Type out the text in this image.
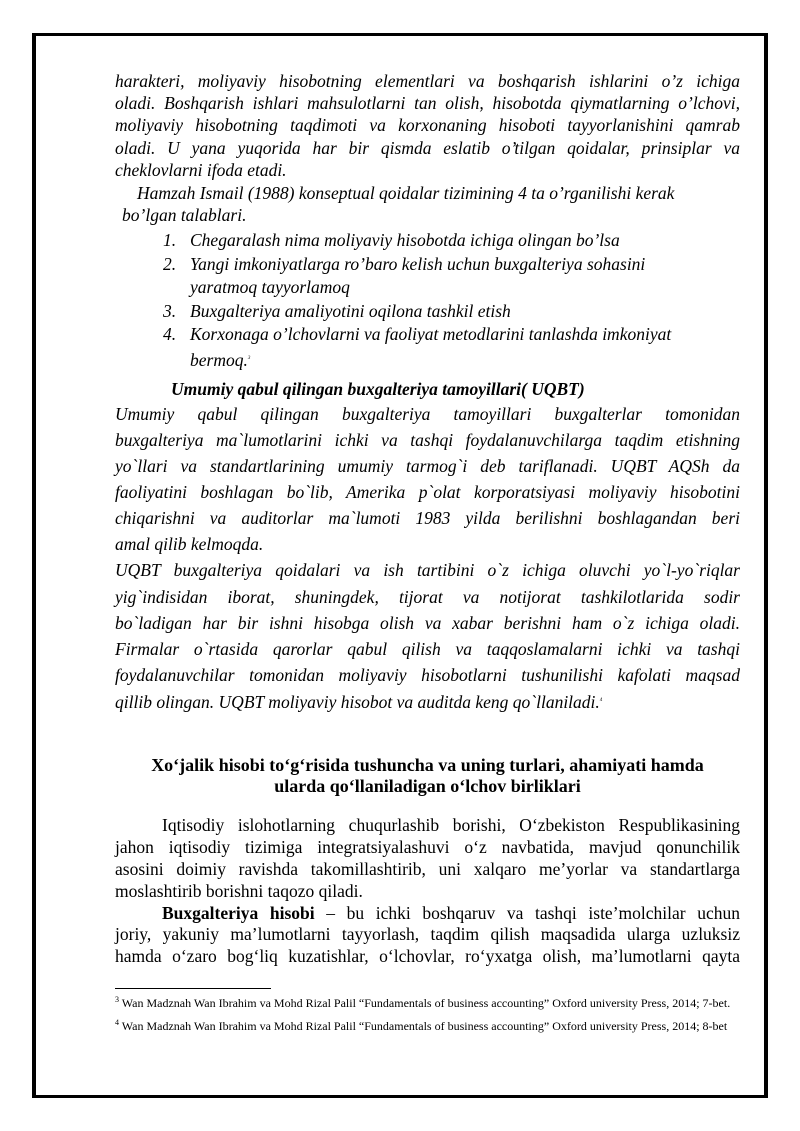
harakteri, moliyaviy hisobotning elementlari va boshqarish ishlarini o’z ichiga

oladi. Boshqarish ishlari mahsulotlarni tan olish, hisobotda qiymatlarning o’lchovi,

moliyaviy hisobotning taqdimoti va korxonaning hisoboti tayyorlanishini qamrab

oladi. U yana yuqorida har bir qismda eslatib o’tilgan qoidalar, prinsiplar va

cheklovlarni ifoda etadi.

Hamzah Ismail (1988) konseptual qoidalar tizimining 4 ta o’rganilishi kerak
bo’lgan talablari.
1. Chegaralash nima moliyaviy hisobotda ichiga olingan bo’lsa
2. Yangi imkoniyatlarga ro’baro kelish uchun buxgalteriya sohasini
yaratmoq tayyorlamoq
3. Buxgalteriya amaliyotini oqilona tashkil etish
4. Korxonaga o’lchovlarni va faoliyat metodlarini tanlashda imkoniyat
bermoq.$^3$
Umumiy qabul qilingan buxgalteriya tamoyillari( UQBT)

Umumiy qabul qilingan buxgalteriya tamoyillari buxgalterlar tomonidan

buxgalteriya ma`lumotlarini ichki va tashqi foydalanuvchilarga taqdim etishning

yo`llari va standartlarining umumiy tarmog`i deb tariflanadi. UQBT AQSh da

faoliyatini boshlagan bo`lib, Amerika p`olat korporatsiyasi moliyaviy hisobotini

chiqarishni va auditorlar ma`lumoti 1983 yilda berilishni boshlagandan beri

amal qilib kelmoqda.

UQBT buxgalteriya qoidalari va ish tartibini o`z ichiga oluvchi yo`l-yo`riqlar

yig`indisidan iborat, shuningdek, tijorat va notijorat tashkilotlarida sodir

bo`ladigan har bir ishni hisobga olish va xabar berishni ham o`z ichiga oladi.

Firmalar o`rtasida qarorlar qabul qilish va taqqoslamalarni ichki va tashqi

foydalanuvchilar tomonidan moliyaviy hisobotlarni tushunilishi kafolati maqsad

qillib olingan. UQBT moliyaviy hisobot va auditda keng qo`llaniladi.$^4$

Xo‘jalik hisobi to‘g‘risida tushuncha va uning turlari, ahamiyati hamda
ularda qo‘llaniladigan o‘lchov birliklari

Iqtisodiy islohotlarning chuqurlashib borishi, O‘zbekiston Respublikasining

jahon iqtisodiy tizimiga integratsiyalashuvi o‘z navbatida, mavjud qonunchilik

asosini doimiy ravishda takomillashtirib, uni xalqaro me’yorlar va standartlarga

moslashtirib borishni taqozo qiladi.

Buxgalteriya hisobi – bu ichki boshqaruv va tashqi iste’molchilar uchun

joriy, yakuniy ma’lumotlarni tayyorlash, taqdim qilish maqsadida ularga uzluksiz

hamda o‘zaro bog‘liq kuzatishlar, o‘lchovlar, ro‘yxatga olish, ma’lumotlarni qayta

$^3$ Wan Madznah Wan Ibrahim va Mohd Rizal Palil “Fundamentals of business accounting” Oxford university Press, 2014; 7-bet.
$^4$ Wan Madznah Wan Ibrahim va Mohd Rizal Palil “Fundamentals of business accounting” Oxford university Press, 2014; 8-bet
